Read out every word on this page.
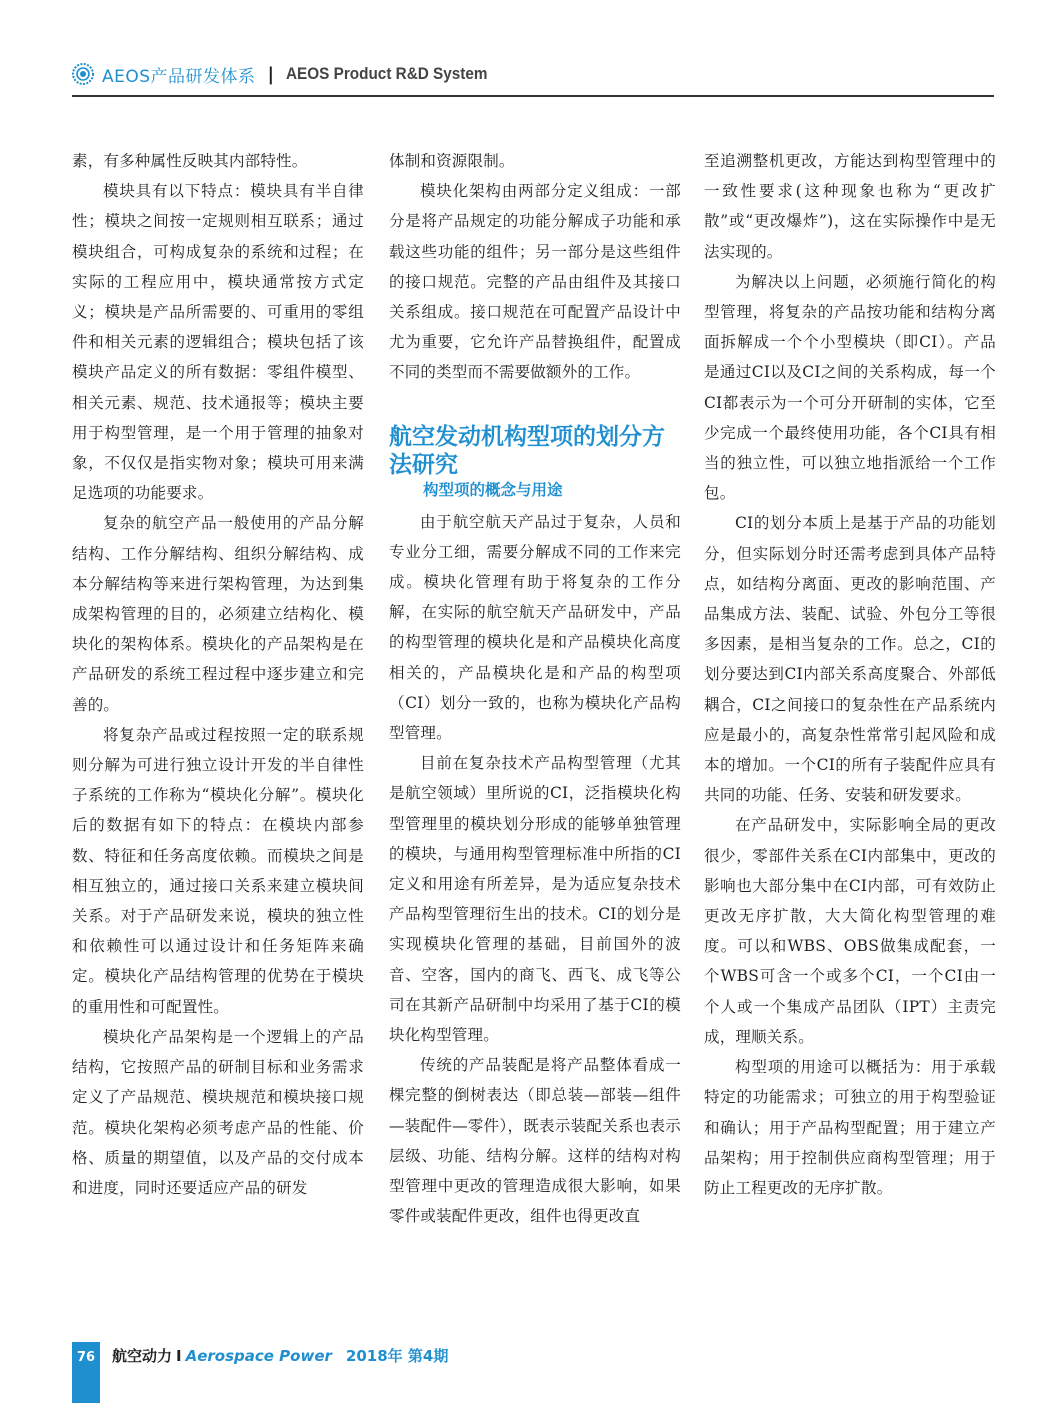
AEOS产品研发体系 | AEOS Product R&D System

素，有多种属性反映其内部特性。

模块具有以下特点：模块具有半自律性；模块之间按一定规则相互联系；通过模块组合，可构成复杂的系统和过程；在实际的工程应用中，模块通常按方式定义；模块是产品所需要的、可重用的零组件和相关元素的逻辑组合；模块包括了该模块产品定义的所有数据：零组件模型、相关元素、规范、技术通报等；模块主要用于构型管理，是一个用于管理的抽象对象，不仅仅是指实物对象；模块可用来满足选项的功能要求。

复杂的航空产品一般使用的产品分解结构、工作分解结构、组织分解结构、成本分解结构等来进行架构管理，为达到集成架构管理的目的，必须建立结构化、模块化的架构体系。模块化的产品架构是在产品研发的系统工程过程中逐步建立和完善的。

将复杂产品或过程按照一定的联系规则分解为可进行独立设计开发的半自律性子系统的工作称为“模块化分解”。模块化后的数据有如下的特点：在模块内部参数、特征和任务高度依赖。而模块之间是相互独立的，通过接口关系来建立模块间关系。对于产品研发来说，模块的独立性和依赖性可以通过设计和任务矩阵来确定。模块化产品结构管理的优势在于模块的重用性和可配置性。

模块化产品架构是一个逻辑上的产品结构，它按照产品的研制目标和业务需求定义了产品规范、模块规范和模块接口规范。模块化架构必须考虑产品的性能、价格、质量的期望值，以及产品的交付成本和进度，同时还要适应产品的研发

体制和资源限制。

模块化架构由两部分定义组成：一部分是将产品规定的功能分解成子功能和承载这些功能的组件；另一部分是这些组件的接口规范。完整的产品由组件及其接口关系组成。接口规范在可配置产品设计中尤为重要，它允许产品替换组件，配置成不同的类型而不需要做额外的工作。

航空发动机构型项的划分方法研究
构型项的概念与用途

由于航空航天产品过于复杂，人员和专业分工细，需要分解成不同的工作来完成。模块化管理有助于将复杂的工作分解，在实际的航空航天产品研发中，产品的构型管理的模块化是和产品模块化高度相关的，产品模块化是和产品的构型项（CI）划分一致的，也称为模块化产品构型管理。

目前在复杂技术产品构型管理（尤其是航空领域）里所说的CI，泛指模块化构型管理里的模块划分形成的能够单独管理的模块，与通用构型管理标准中所指的CI定义和用途有所差异，是为适应复杂技术产品构型管理衍生出的技术。CI的划分是实现模块化管理的基础，目前国外的波音、空客，国内的商飞、西飞、成飞等公司在其新产品研制中均采用了基于CI的模块化构型管理。

传统的产品装配是将产品整体看成一棵完整的倒树表达（即总装—部装—组件—装配件—零件），既表示装配关系也表示层级、功能、结构分解。这样的结构对构型管理中更改的管理造成很大影响，如果零件或装配件更改，组件也得更改直

至追溯整机更改，方能达到构型管理中的一致性要求(这种现象也称为“更改扩散”或“更改爆炸”)，这在实际操作中是无法实现的。

为解决以上问题，必须施行简化的构型管理，将复杂的产品按功能和结构分离面拆解成一个个小型模块（即CI）。产品是通过CI以及CI之间的关系构成，每一个CI都表示为一个可分开研制的实体，它至少完成一个最终使用功能，各个CI具有相当的独立性，可以独立地指派给一个工作包。

CI的划分本质上是基于产品的功能划分，但实际划分时还需考虑到具体产品特点，如结构分离面、更改的影响范围、产品集成方法、装配、试验、外包分工等很多因素，是相当复杂的工作。总之，CI的划分要达到CI内部关系高度聚合、外部低耦合，CI之间接口的复杂性在产品系统内应是最小的，高复杂性常常引起风险和成本的增加。一个CI的所有子装配件应具有共同的功能、任务、安装和研发要求。

在产品研发中，实际影响全局的更改很少，零部件关系在CI内部集中，更改的影响也大部分集中在CI内部，可有效防止更改无序扩散，大大简化构型管理的难度。可以和WBS、OBS做集成配套，一个WBS可含一个或多个CI，一个CI由一个人或一个集成产品团队（IPT）主责完成，理顺关系。

构型项的用途可以概括为：用于承载特定的功能需求；可独立的用于构型验证和确认；用于产品构型配置；用于建立产品架构；用于控制供应商构型管理；用于防止工程更改的无序扩散。

76	航空动力 I Aerospace Power 2018年 第4期
